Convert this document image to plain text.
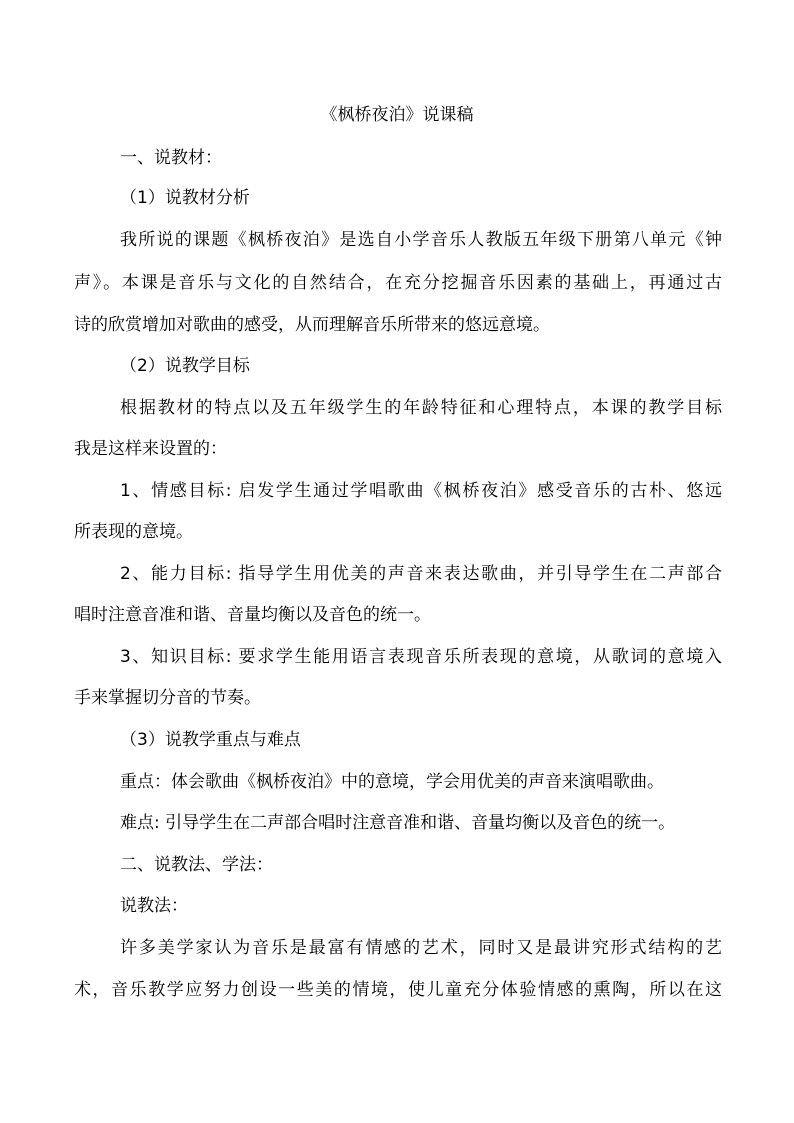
《枫桥夜泊》说课稿
一、说教材：
（1）说教材分析
我所说的课题《枫桥夜泊》是选自小学音乐人教版五年级下册第八单元《钟
声》。本课是音乐与文化的自然结合，在充分挖掘音乐因素的基础上，再通过古
诗的欣赏增加对歌曲的感受，从而理解音乐所带来的悠远意境。
（2）说教学目标
根据教材的特点以及五年级学生的年龄特征和心理特点，本课的教学目标
我是这样来设置的：
1、情感目标: 启发学生通过学唱歌曲《枫桥夜泊》感受音乐的古朴、悠远
所表现的意境。
2、能力目标: 指导学生用优美的声音来表达歌曲，并引导学生在二声部合
唱时注意音准和谐、音量均衡以及音色的统一。
3、知识目标: 要求学生能用语言表现音乐所表现的意境，从歌词的意境入
手来掌握切分音的节奏。
（3）说教学重点与难点
重点：体会歌曲《枫桥夜泊》中的意境，学会用优美的声音来演唱歌曲。
难点: 引导学生在二声部合唱时注意音准和谐、音量均衡以及音色的统一。
二、说教法、学法：
说教法：
许多美学家认为音乐是最富有情感的艺术，同时又是最讲究形式结构的艺
术，音乐教学应努力创设一些美的情境，使儿童充分体验情感的熏陶，所以在这
